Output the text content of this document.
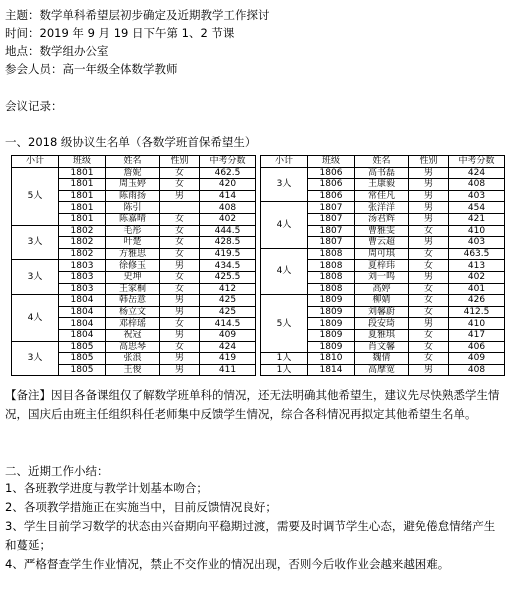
主题：数学单科希望层初步确定及近期教学工作探讨
时间：2019 年 9 月 19 日下午第 1、2 节课
地点：数学组办公室
参会人员：高一年级全体数学教师
会议记录：
一、2018 级协议生名单（各数学班首保希望生）
小计	班级	姓名	性别	中考分数
5人	1801	詹妮	女	462.5
	1801	周玉婷	女	420
	1801	陈雨扬	男	414
	1801	陈引		408
	1801	陈嘉晴	女	402
3人	1802	毛彤	女	444.5
	1802	叶楚	女	428.5
	1802	方雅思	女	419.5
3人	1803	徐修玉	男	434.5
	1803	史坤	女	425.5
	1803	王家桐	女	412
4人	1804	韩岳意	男	425
	1804	杨立文	男	425
	1804	邓梓瑶	女	414.5
	1804	祝冠	男	409
3人	1805	高思琴	女	424
	1805	张浪	男	419
	1805	王俊	男	411
小计	班级	姓名	性别	中考分数
3人	1806	高书磊	男	424
	1806	王康毅	男	408
	1806	常佳凡	男	403
4人	1807	张洋洋	男	454
	1807	汤君辉	男	421
	1807	曹雅雯	女	410
	1807	曹云超	男	403
4人	1808	周可琪	女	463.5
	1808	夏梓玮	女	413
	1808	刘一鸣	男	402
	1808	高婷	女	401
5人	1809	柳婧	女	426
	1809	刘馨蔚	女	412.5
	1809	段安琦	男	410
	1809	夏雅琪	女	417
	1809	肖文馨	女	406
1人	1810	魏倩	女	409
1人	1814	高摩宽	男	408
【备注】因目各备课组仅了解数学班单科的情况，还无法明确其他希望生，建议先尽快熟悉学生情况，国庆后由班主任组织科任老师集中反馈学生情况，综合各科情况再拟定其他希望生名单。
二、近期工作小结：
1、各班教学进度与教学计划基本吻合；
2、各项教学措施正在实施当中，目前反馈情况良好；
3、学生目前学习数学的状态由兴奋期向平稳期过渡，需要及时调节学生心态，避免倦怠情绪产生和蔓延；
4、严格督查学生作业情况，禁止不交作业的情况出现，否则今后收作业会越来越困难。
